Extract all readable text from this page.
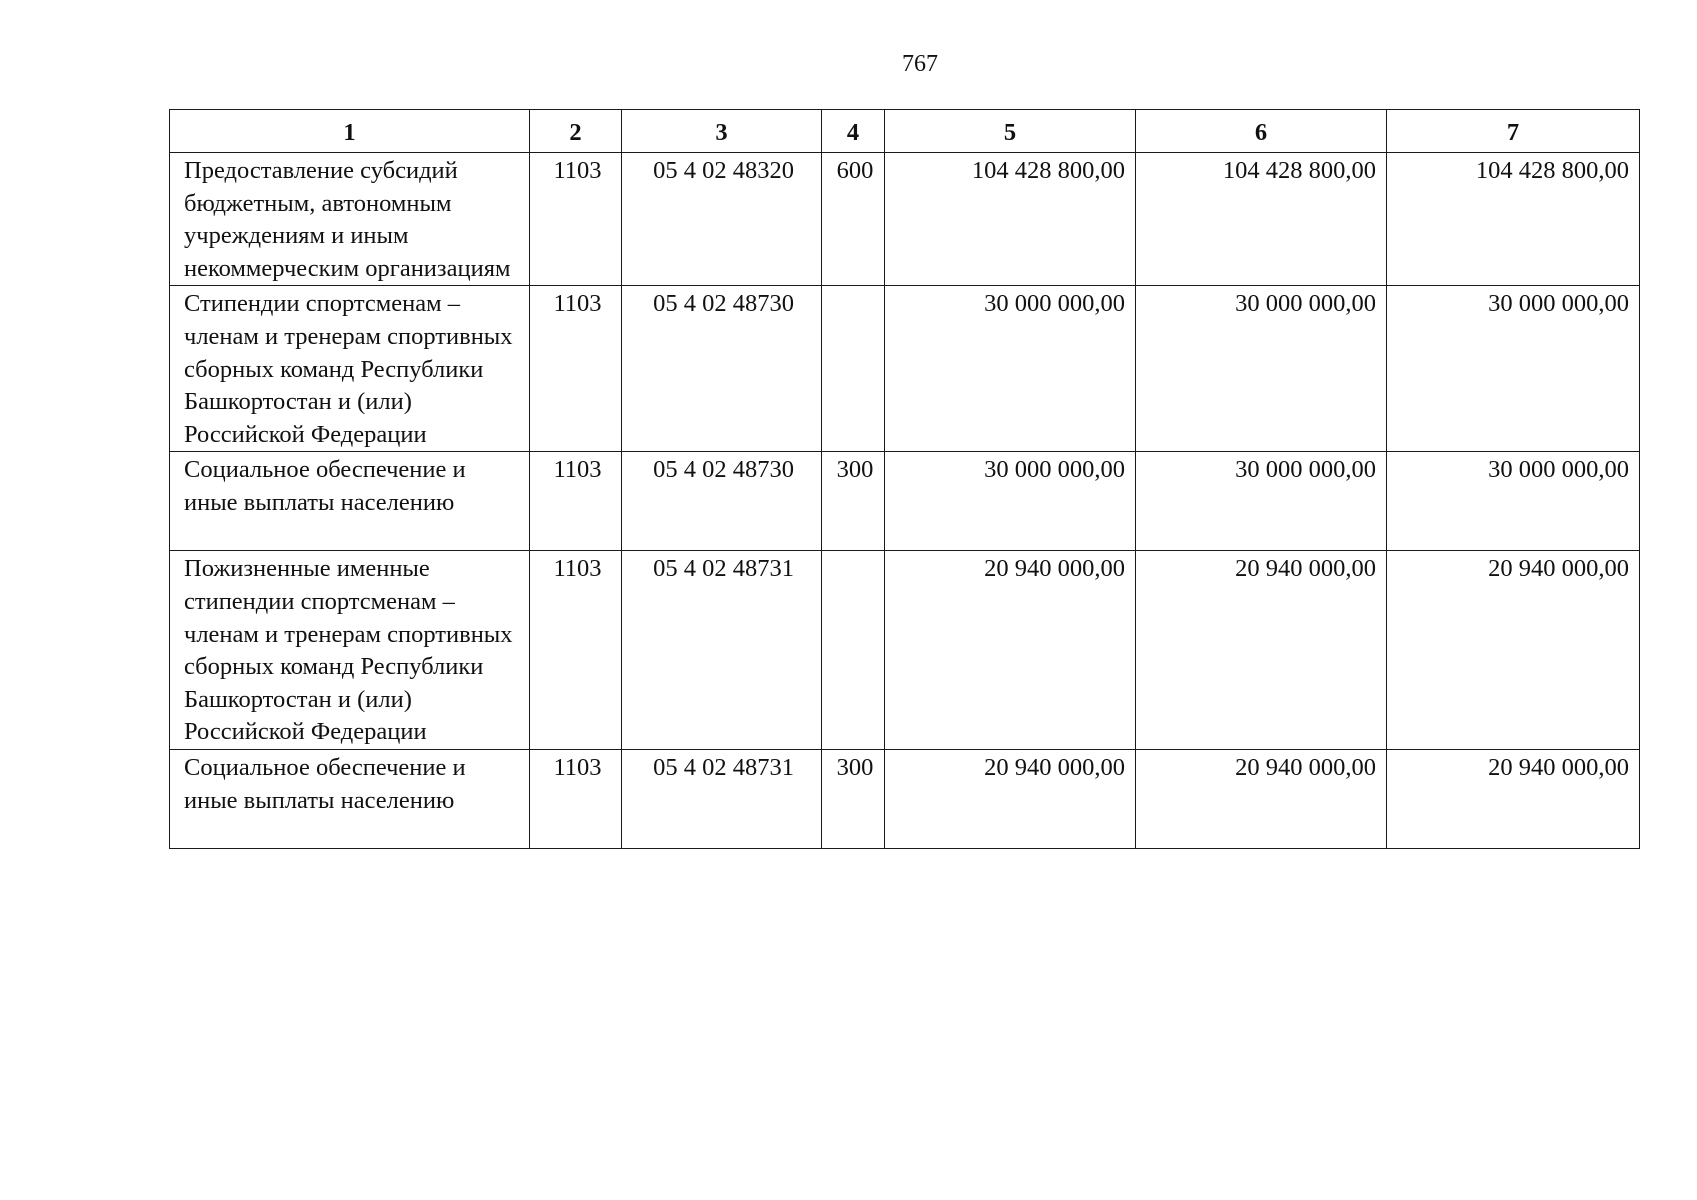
767
1	2	3	4	5	6	7
Предоставление субсидий бюджетным, автономным учреждениям и иным некоммерческим организациям	1103	05 4 02 48320	600	104 428 800,00	104 428 800,00	104 428 800,00
Стипендии спортсменам – членам и тренерам спортивных сборных команд Республики Башкортостан и (или) Российской Федерации	1103	05 4 02 48730		30 000 000,00	30 000 000,00	30 000 000,00
Социальное обеспечение и иные выплаты населению	1103	05 4 02 48730	300	30 000 000,00	30 000 000,00	30 000 000,00
Пожизненные именные стипендии спортсменам – членам и тренерам спортивных сборных команд Республики Башкортостан и (или) Российской Федерации	1103	05 4 02 48731		20 940 000,00	20 940 000,00	20 940 000,00
Социальное обеспечение и иные выплаты населению	1103	05 4 02 48731	300	20 940 000,00	20 940 000,00	20 940 000,00
